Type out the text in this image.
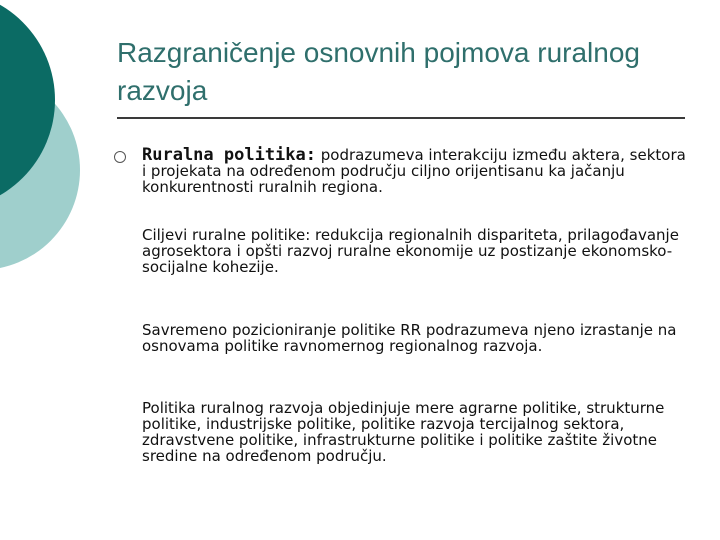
Razgraničenje osnovnih pojmova ruralnog razvoja
Ruralna politika: podrazumeva interakciju između aktera, sektora i projekata na određenom području ciljno orijentisanu ka jačanju konkurentnosti ruralnih regiona.
Ciljevi ruralne politike: redukcija regionalnih dispariteta, prilagođavanje agrosektora i opšti razvoj ruralne ekonomije uz postizanje ekonomsko-socijalne kohezije.
Savremeno pozicioniranje politike RR podrazumeva njeno izrastanje na osnovama politike ravnomernog regionalnog razvoja.
Politika ruralnog razvoja objedinjuje mere agrarne politike, strukturne politike, industrijske politike, politike razvoja tercijalnog sektora, zdravstvene politike, infrastrukturne politike i politike zaštite životne sredine na određenom području.
